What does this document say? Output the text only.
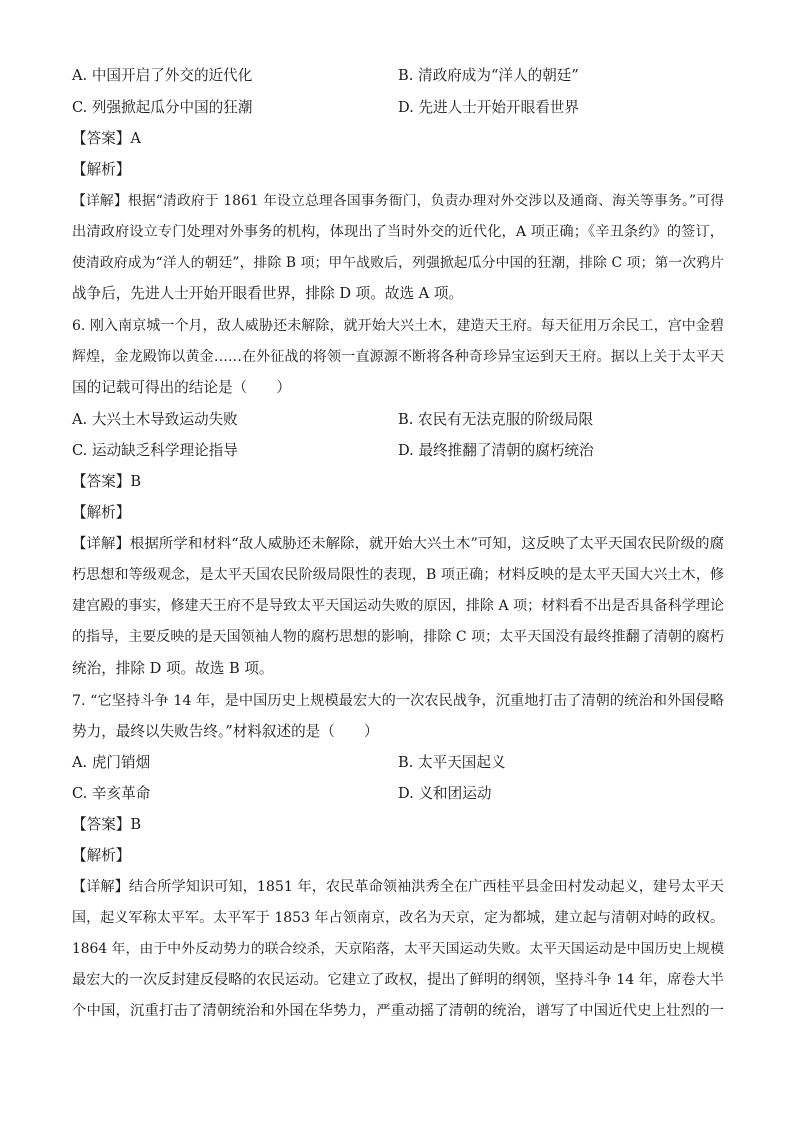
A. 中国开启了外交的近代化	B. 清政府成为“洋人的朝廷”
C. 列强掀起瓜分中国的狂潮	D. 先进人士开始开眼看世界
【答案】A
【解析】
【详解】根据“清政府于 1861 年设立总理各国事务衙门，负责办理对外交涉以及通商、海关等事务。”可得
出清政府设立专门处理对外事务的机构，体现出了当时外交的近代化，A 项正确；《辛丑条约》的签订，
使清政府成为“洋人的朝廷”，排除 B 项；甲午战败后，列强掀起瓜分中国的狂潮，排除 C 项；第一次鸦片
战争后，先进人士开始开眼看世界，排除 D 项。故选 A 项。
6. 刚入南京城一个月，敌人威胁还未解除，就开始大兴土木，建造天王府。每天征用万余民工，宫中金碧
辉煌，金龙殿饰以黄金……在外征战的将领一直源源不断将各种奇珍异宝运到天王府。据以上关于太平天
国的记载可得出的结论是（　　）
A. 大兴土木导致运动失败	B. 农民有无法克服的阶级局限
C. 运动缺乏科学理论指导	D. 最终推翻了清朝的腐朽统治
【答案】B
【解析】
【详解】根据所学和材料“敌人威胁还未解除，就开始大兴土木”可知，这反映了太平天国农民阶级的腐
朽思想和等级观念，是太平天国农民阶级局限性的表现，B 项正确；材料反映的是太平天国大兴土木，修
建宫殿的事实，修建天王府不是导致太平天国运动失败的原因，排除 A 项；材料看不出是否具备科学理论
的指导，主要反映的是天国领袖人物的腐朽思想的影响，排除 C 项；太平天国没有最终推翻了清朝的腐朽
统治，排除 D 项。故选 B 项。
7. “它坚持斗争 14 年，是中国历史上规模最宏大的一次农民战争，沉重地打击了清朝的统治和外国侵略
势力，最终以失败告终。”材料叙述的是（　　）
A. 虎门销烟	B. 太平天国起义
C. 辛亥革命	D. 义和团运动
【答案】B
【解析】
【详解】结合所学知识可知，1851 年，农民革命领袖洪秀全在广西桂平县金田村发动起义，建号太平天
国，起义军称太平军。太平军于 1853 年占领南京，改名为天京，定为都城，建立起与清朝对峙的政权。
1864 年，由于中外反动势力的联合绞杀，天京陷落，太平天国运动失败。太平天国运动是中国历史上规模
最宏大的一次反封建反侵略的农民运动。它建立了政权，提出了鲜明的纲领，坚持斗争 14 年，席卷大半
个中国，沉重打击了清朝统治和外国在华势力，严重动摇了清朝的统治，谱写了中国近代史上壮烈的一
